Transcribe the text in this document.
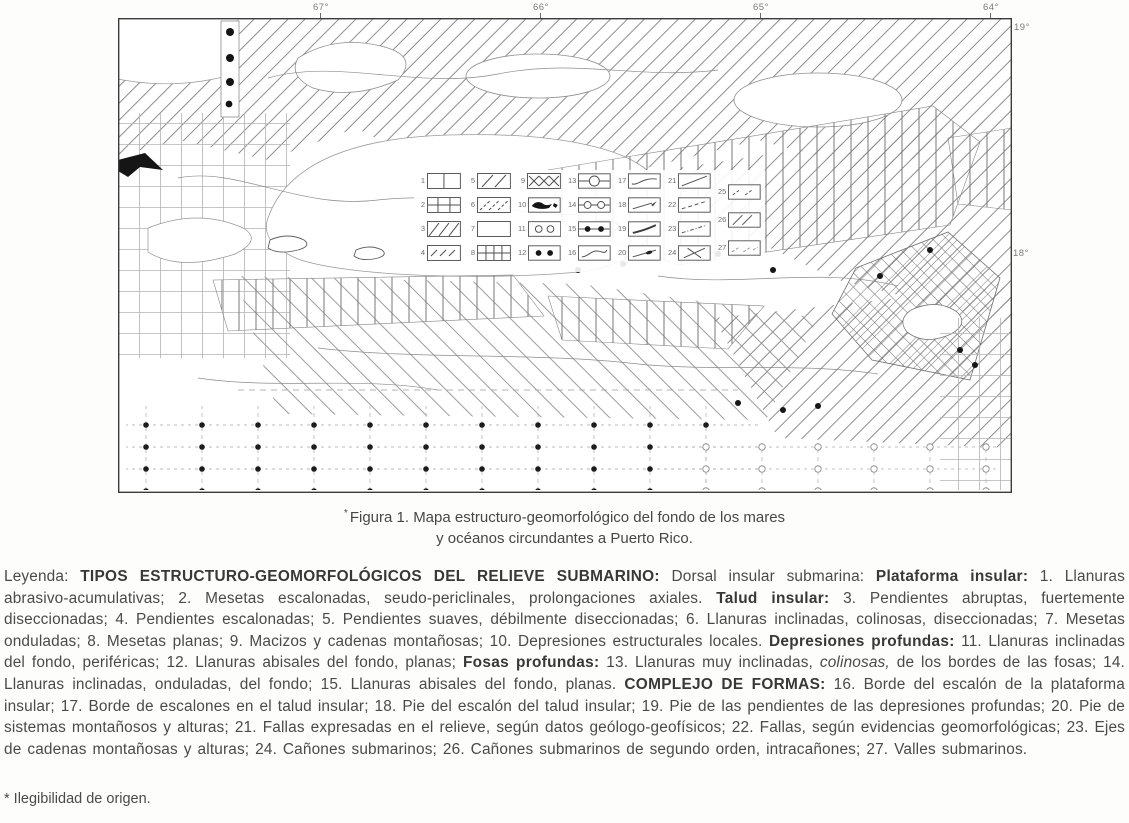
67°	66°	65°	64°
19°
18°
1
2
3
4
5
6
7
8
9
10
11
12
13
14
15
16
17
18
19
20
21
22
23
24
25
26
27
* Figura 1. Mapa estructuro-geomorfológico del fondo de los mares
y océanos circundantes a Puerto Rico.
Leyenda: TIPOS ESTRUCTURO-GEOMORFOLÓGICOS DEL RELIEVE SUBMARINO: Dorsal insular submarina: Plataforma insular: 1. Llanuras abrasivo-acumulativas; 2. Mesetas escalonadas, seudo-periclinales, prolongaciones axiales. Talud insular: 3. Pendientes abruptas, fuertemente diseccionadas; 4. Pendientes escalonadas; 5. Pendientes suaves, débilmente diseccionadas; 6. Llanuras inclinadas, colinosas, diseccionadas; 7. Mesetas onduladas; 8. Mesetas planas; 9. Macizos y cadenas montañosas; 10. Depresiones estructurales locales. Depresiones profundas: 11. Llanuras inclinadas del fondo, periféricas; 12. Llanuras abisales del fondo, planas; Fosas profundas: 13. Llanuras muy inclinadas, colinosas, de los bordes de las fosas; 14. Llanuras inclinadas, onduladas, del fondo; 15. Llanuras abisales del fondo, planas. COMPLEJO DE FORMAS: 16. Borde del escalón de la plataforma insular; 17. Borde de escalones en el talud insular; 18. Pie del escalón del talud insular; 19. Pie de las pendientes de las depresiones profundas; 20. Pie de sistemas montañosos y alturas; 21. Fallas expresadas en el relieve, según datos geólogo-geofísicos; 22. Fallas, según evidencias geomorfológicas; 23. Ejes de cadenas montañosas y alturas; 24. Cañones submarinos; 26. Cañones submarinos de segundo orden, intracañones; 27. Valles submarinos.
* Ilegibilidad de origen.
